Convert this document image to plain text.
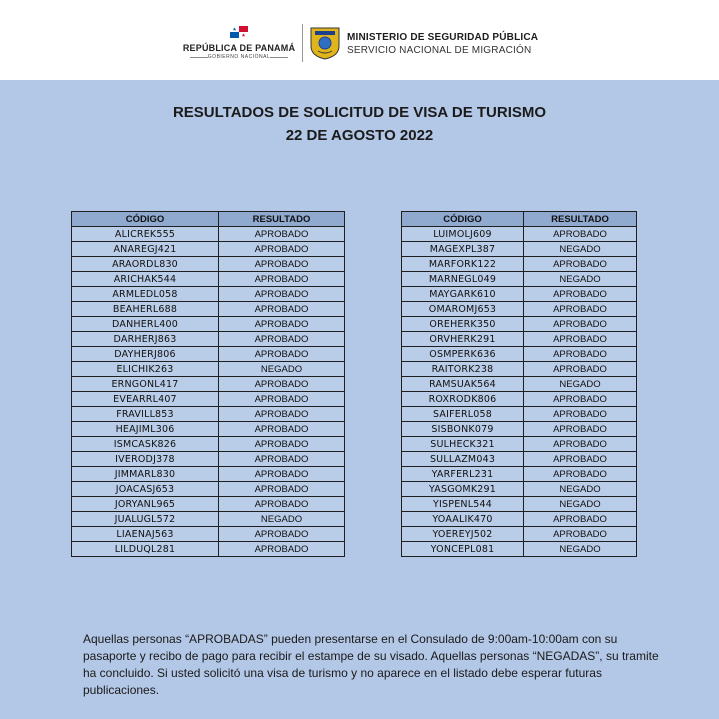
REPÚBLICA DE PANAMÁ
GOBIERNO NACIONAL
MINISTERIO DE SEGURIDAD PÚBLICA
SERVICIO NACIONAL DE MIGRACIÓN
RESULTADOS DE SOLICITUD DE VISA DE TURISMO
22 DE AGOSTO 2022
CÓDIGO	RESULTADO
ALICREK555	APROBADO
ANAREGJ421	APROBADO
ARAORDL830	APROBADO
ARICHAK544	APROBADO
ARMLEDL058	APROBADO
BEAHERL688	APROBADO
DANHERL400	APROBADO
DARHERJ863	APROBADO
DAYHERJ806	APROBADO
ELICHIK263	NEGADO
ERNGONL417	APROBADO
EVEARRL407	APROBADO
FRAVILL853	APROBADO
HEAJIML306	APROBADO
ISMCASK826	APROBADO
IVERODJ378	APROBADO
JIMMARL830	APROBADO
JOACASJ653	APROBADO
JORYANL965	APROBADO
JUALUGL572	NEGADO
LIAENAJ563	APROBADO
LILDUQL281	APROBADO
CÓDIGO	RESULTADO
LUIMOLJ609	APROBADO
MAGEXPL387	NEGADO
MARFORK122	APROBADO
MARNEGL049	NEGADO
MAYGARK610	APROBADO
OMAROMJ653	APROBADO
OREHERK350	APROBADO
ORVHERK291	APROBADO
OSMPERK636	APROBADO
RAITORK238	APROBADO
RAMSUAK564	NEGADO
ROXRODK806	APROBADO
SAIFERL058	APROBADO
SISBONK079	APROBADO
SULHECK321	APROBADO
SULLAZM043	APROBADO
YARFERL231	APROBADO
YASGOMK291	NEGADO
YISPENL544	NEGADO
YOAALIK470	APROBADO
YOEREYJ502	APROBADO
YONCEPL081	NEGADO
Aquellas personas “APROBADAS” pueden presentarse en el Consulado de 9:00am-10:00am con su pasaporte y recibo de pago para recibir el estampe de su visado. Aquellas personas “NEGADAS”, su tramite ha concluido. Si usted solicitó una visa de turismo y no aparece en el listado debe esperar futuras publicaciones.
